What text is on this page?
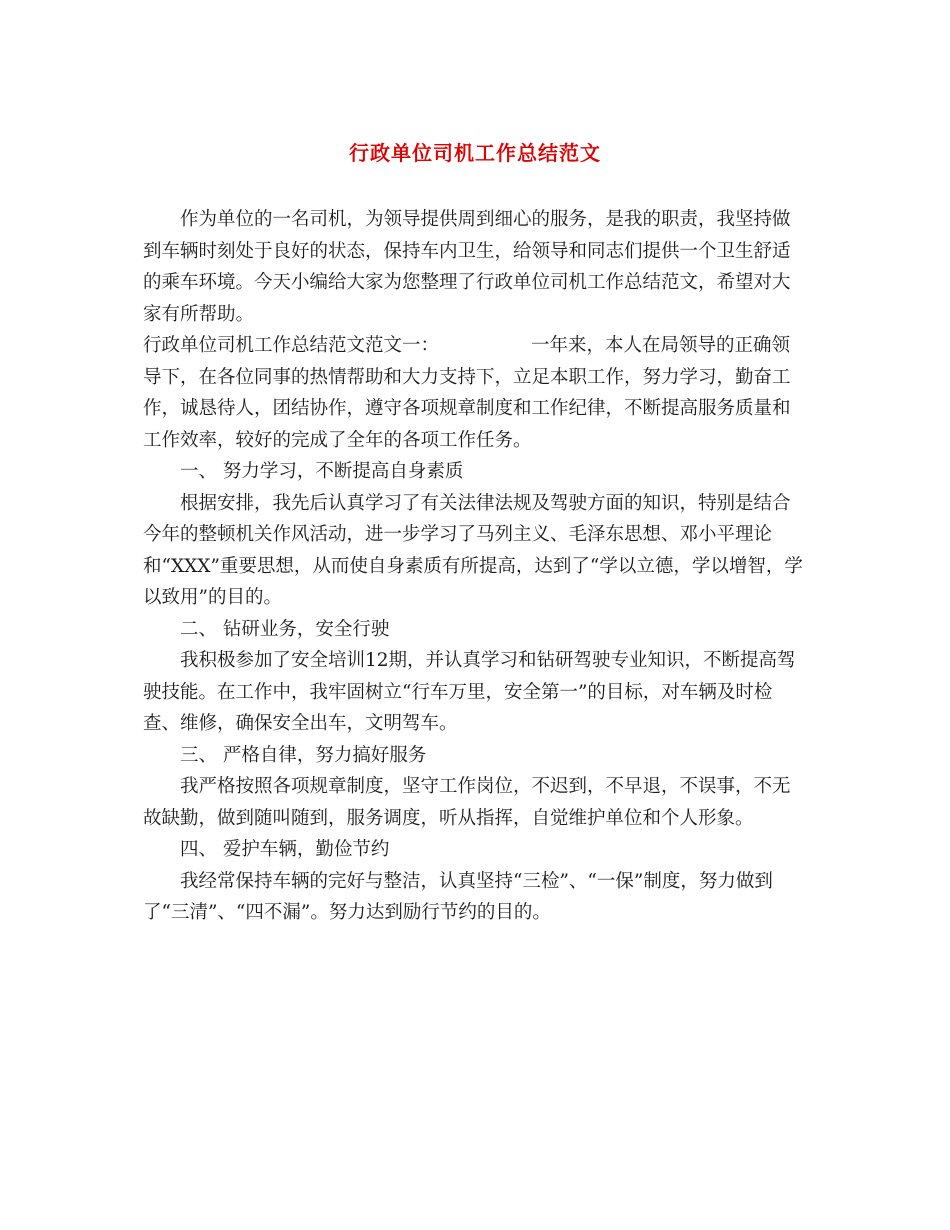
行政单位司机工作总结范文

作为单位的一名司机，为领导提供周到细心的服务，是我的职责，我坚持做到车辆时刻处于良好的状态，保持车内卫生，给领导和同志们提供一个卫生舒适的乘车环境。今天小编给大家为您整理了行政单位司机工作总结范文，希望对大家有所帮助。

行政单位司机工作总结范文范文一：	一年来，本人在局领导的正确领导下，在各位同事的热情帮助和大力支持下，立足本职工作，努力学习，勤奋工作，诚恳待人，团结协作，遵守各项规章制度和工作纪律，不断提高服务质量和工作效率，较好的完成了全年的各项工作任务。

一、 努力学习，不断提高自身素质

根据安排，我先后认真学习了有关法律法规及驾驶方面的知识，特别是结合今年的整顿机关作风活动，进一步学习了马列主义、毛泽东思想、邓小平理论和“XXX”重要思想，从而使自身素质有所提高，达到了“学以立德，学以增智，学以致用”的目的。

二、 钻研业务，安全行驶

我积极参加了安全培训12期，并认真学习和钻研驾驶专业知识，不断提高驾驶技能。在工作中，我牢固树立“行车万里，安全第一”的目标，对车辆及时检查、维修，确保安全出车，文明驾车。

三、 严格自律，努力搞好服务

我严格按照各项规章制度，坚守工作岗位，不迟到，不早退，不误事，不无故缺勤，做到随叫随到，服务调度，听从指挥，自觉维护单位和个人形象。

四、 爱护车辆，勤俭节约

我经常保持车辆的完好与整洁，认真坚持“三检”、“一保”制度，努力做到了“三清”、“四不漏”。努力达到励行节约的目的。
